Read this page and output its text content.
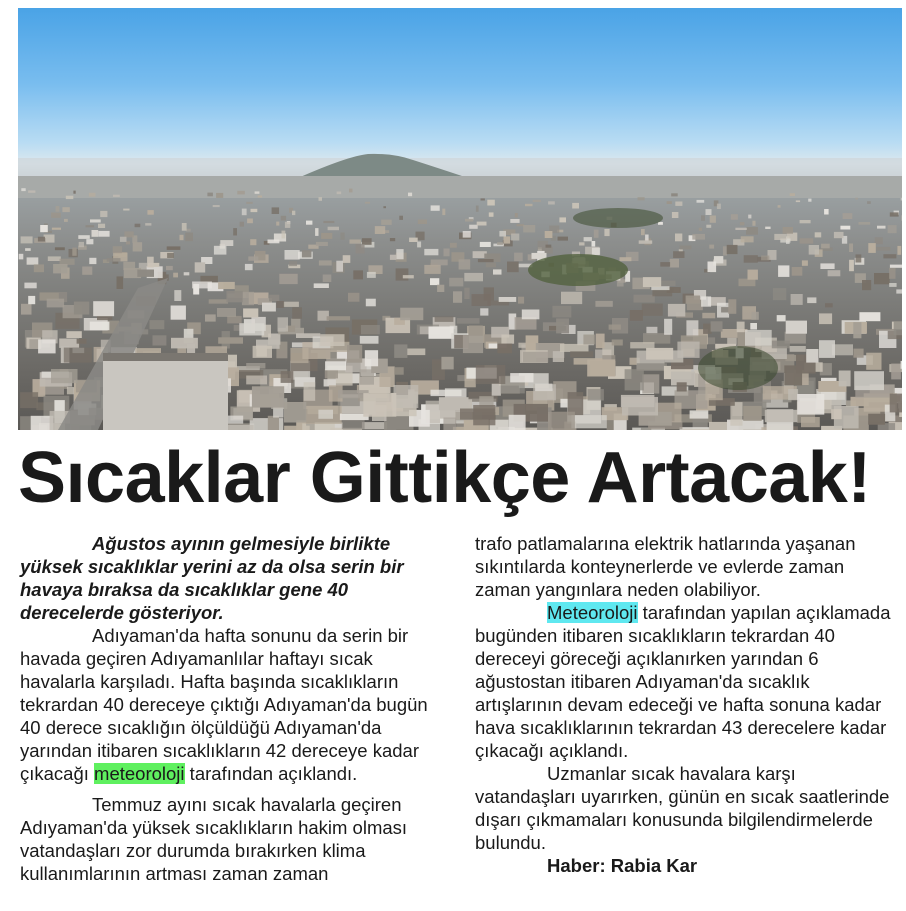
Sıcaklar Gittikçe Artacak!

Ağustos ayının gelmesiyle birlikte yüksek sıcaklıklar yerini az da olsa serin bir havaya bıraksa da sıcaklıklar gene 40 derecelerde gösteriyor.

Adıyaman'da hafta sonunu da serin bir havada geçiren Adıyamanlılar haftayı sıcak havalarla karşıladı. Hafta başında sıcaklıkların tekrardan 40 dereceye çıktığı Adıyaman'da bugün 40 derece sıcaklığın ölçüldüğü Adıyaman'da yarından itibaren sıcaklıkların 42 dereceye kadar çıkacağı meteoroloji tarafından açıklandı.

Temmuz ayını sıcak havalarla geçiren Adıyaman'da yüksek sıcaklıkların hakim olması vatandaşları zor durumda bırakırken klima kullanımlarının artması zaman zaman

trafo patlamalarına elektrik hatlarında yaşanan sıkıntılarda konteynerlerde ve evlerde zaman zaman yangınlara neden olabiliyor.

Meteoroloji tarafından yapılan açıklamada bugünden itibaren sıcaklıkların tekrardan 40 dereceyi göreceği açıklanırken yarından 6 ağustostan itibaren Adıyaman'da sıcaklık artışlarının devam edeceği ve hafta sonuna kadar hava sıcaklıklarının tekrardan 43 derecelere kadar çıkacağı açıklandı.

Uzmanlar sıcak havalara karşı vatandaşları uyarırken, günün en sıcak saatlerinde dışarı çıkmamaları konusunda bilgilendirmelerde bulundu.

Haber: Rabia Kar
